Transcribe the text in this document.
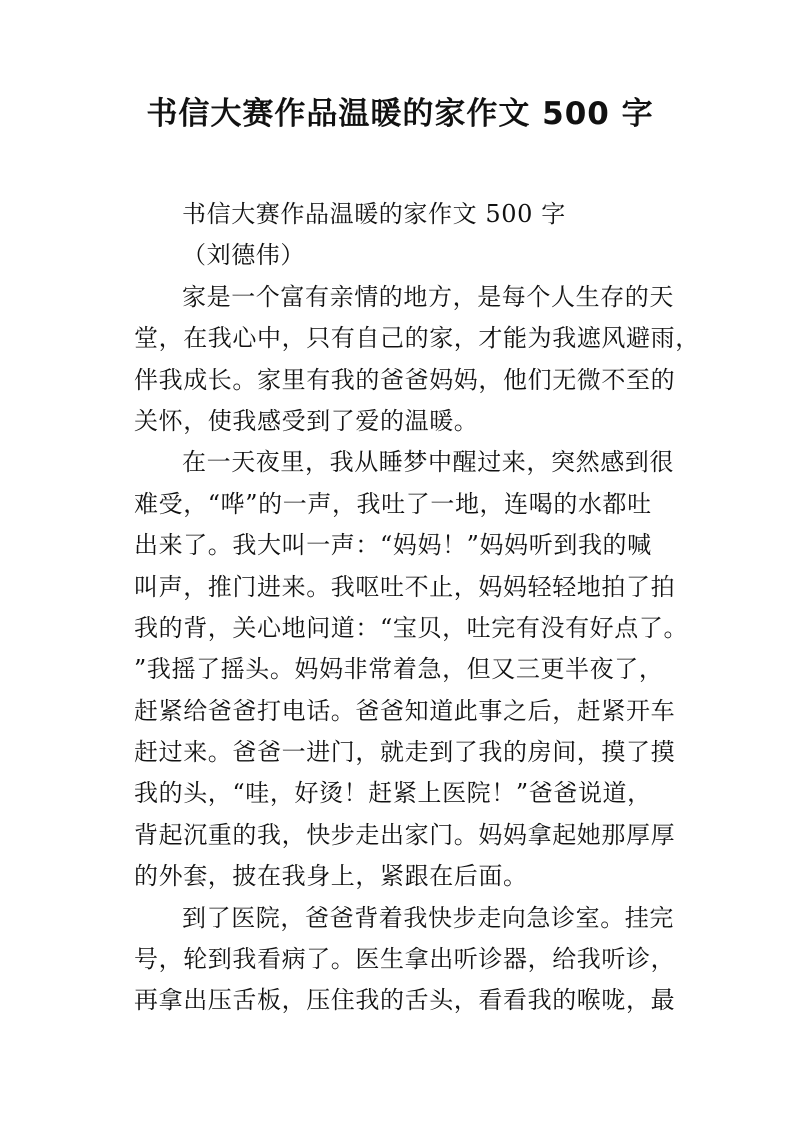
书信大赛作品温暖的家作文 500 字
书信大赛作品温暖的家作文 500 字
（刘德伟）
家是一个富有亲情的地方，是每个人生存的天
堂，在我心中，只有自己的家，才能为我遮风避雨，
伴我成长。家里有我的爸爸妈妈，他们无微不至的
关怀，使我感受到了爱的温暖。
在一天夜里，我从睡梦中醒过来，突然感到很
难受，“哗”的一声，我吐了一地，连喝的水都吐
出来了。我大叫一声：“妈妈！”妈妈听到我的喊
叫声，推门进来。我呕吐不止，妈妈轻轻地拍了拍
我的背，关心地问道：“宝贝，吐完有没有好点了。
”我摇了摇头。妈妈非常着急，但又三更半夜了，
赶紧给爸爸打电话。爸爸知道此事之后，赶紧开车
赶过来。爸爸一进门，就走到了我的房间，摸了摸
我的头，“哇，好烫！赶紧上医院！”爸爸说道，
背起沉重的我，快步走出家门。妈妈拿起她那厚厚
的外套，披在我身上，紧跟在后面。
到了医院，爸爸背着我快步走向急诊室。挂完
号，轮到我看病了。医生拿出听诊器，给我听诊，
再拿出压舌板，压住我的舌头，看看我的喉咙，最
